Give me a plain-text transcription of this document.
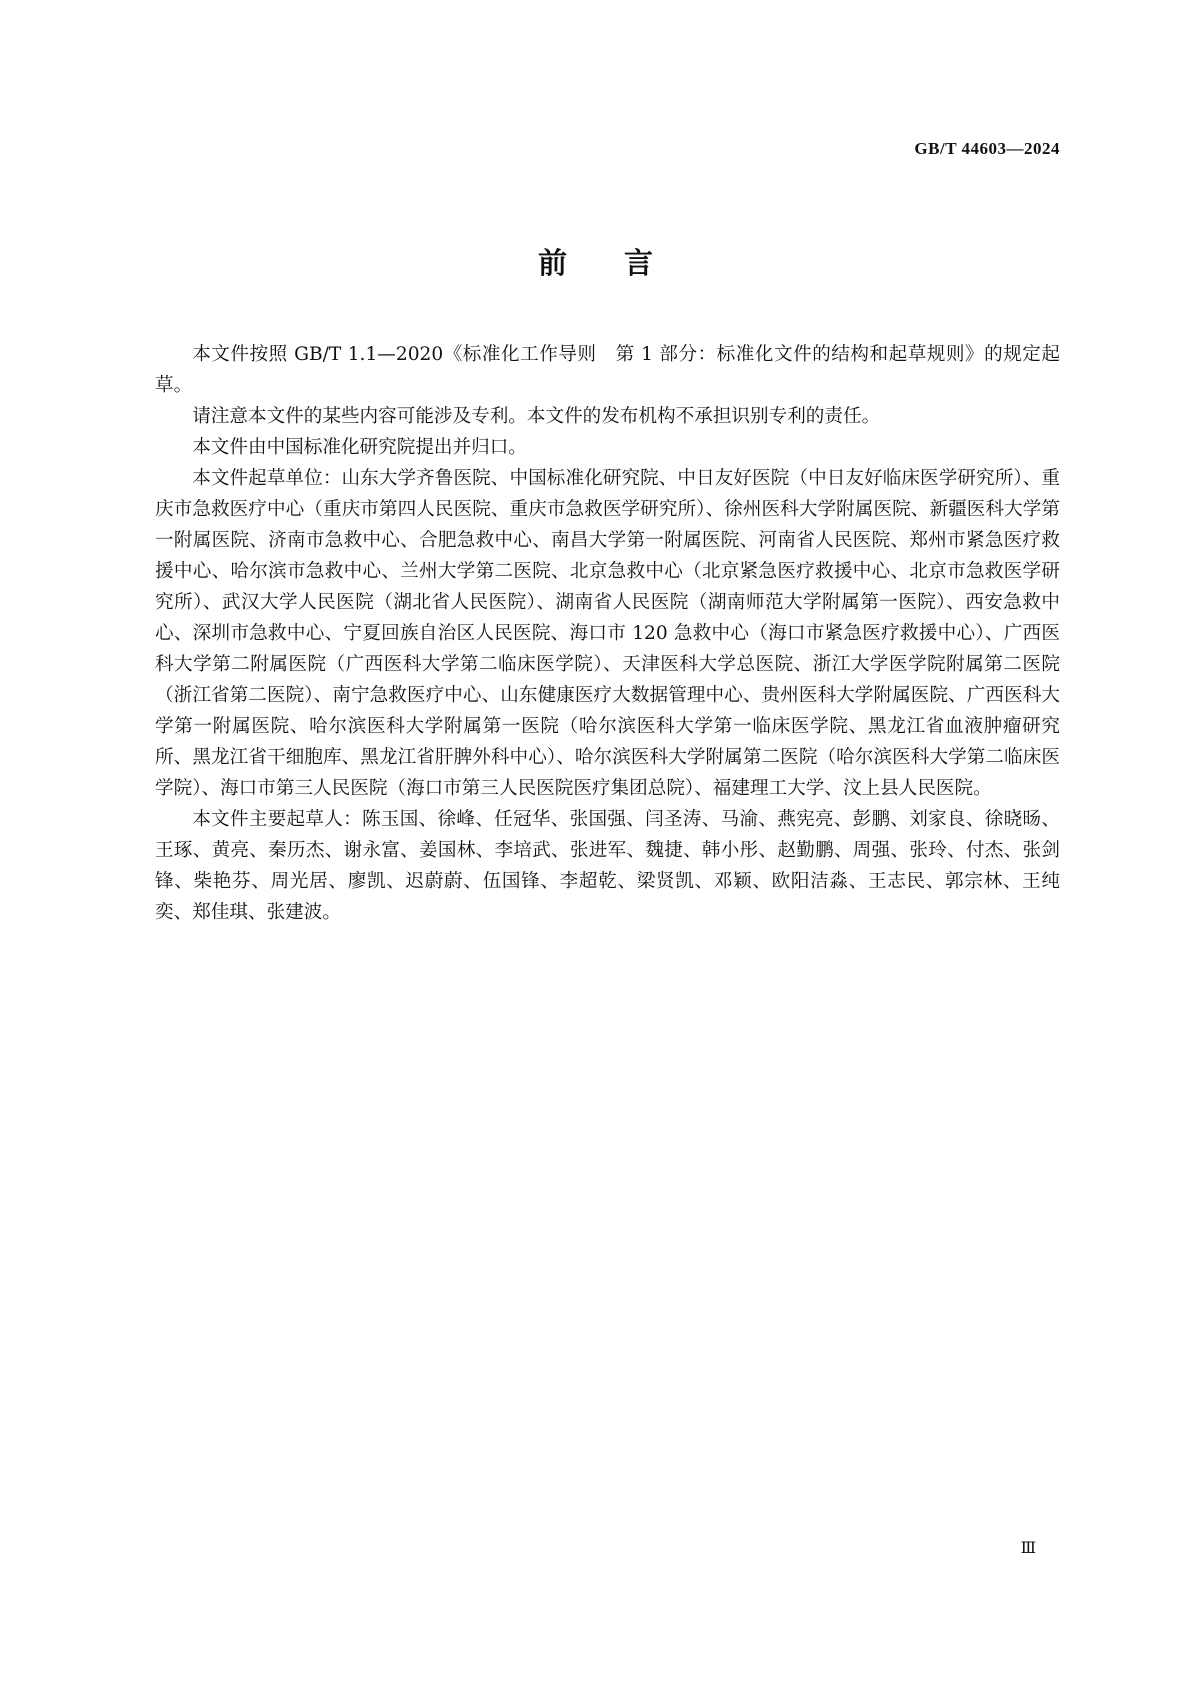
GB/T 44603—2024
前言

本文件按照 GB/T 1.1—2020《标准化工作导则　第 1 部分：标准化文件的结构和起草规则》的规定起草。

请注意本文件的某些内容可能涉及专利。本文件的发布机构不承担识别专利的责任。

本文件由中国标准化研究院提出并归口。

本文件起草单位：山东大学齐鲁医院、中国标准化研究院、中日友好医院（中日友好临床医学研究所）、重庆市急救医疗中心（重庆市第四人民医院、重庆市急救医学研究所）、徐州医科大学附属医院、新疆医科大学第一附属医院、济南市急救中心、合肥急救中心、南昌大学第一附属医院、河南省人民医院、郑州市紧急医疗救援中心、哈尔滨市急救中心、兰州大学第二医院、北京急救中心（北京紧急医疗救援中心、北京市急救医学研究所）、武汉大学人民医院（湖北省人民医院）、湖南省人民医院（湖南师范大学附属第一医院）、西安急救中心、深圳市急救中心、宁夏回族自治区人民医院、海口市 120 急救中心（海口市紧急医疗救援中心）、广西医科大学第二附属医院（广西医科大学第二临床医学院）、天津医科大学总医院、浙江大学医学院附属第二医院（浙江省第二医院）、南宁急救医疗中心、山东健康医疗大数据管理中心、贵州医科大学附属医院、广西医科大学第一附属医院、哈尔滨医科大学附属第一医院（哈尔滨医科大学第一临床医学院、黑龙江省血液肿瘤研究所、黑龙江省干细胞库、黑龙江省肝脾外科中心）、哈尔滨医科大学附属第二医院（哈尔滨医科大学第二临床医学院）、海口市第三人民医院（海口市第三人民医院医疗集团总院）、福建理工大学、汶上县人民医院。

本文件主要起草人：陈玉国、徐峰、任冠华、张国强、闫圣涛、马渝、燕宪亮、彭鹏、刘家良、徐晓旸、王琢、黄亮、秦历杰、谢永富、姜国林、李培武、张进军、魏捷、韩小彤、赵勤鹏、周强、张玲、付杰、张剑锋、柴艳芬、周光居、廖凯、迟蔚蔚、伍国锋、李超乾、梁贤凯、邓颖、欧阳洁淼、王志民、郭宗林、王纯奕、郑佳琪、张建波。

Ⅲ
